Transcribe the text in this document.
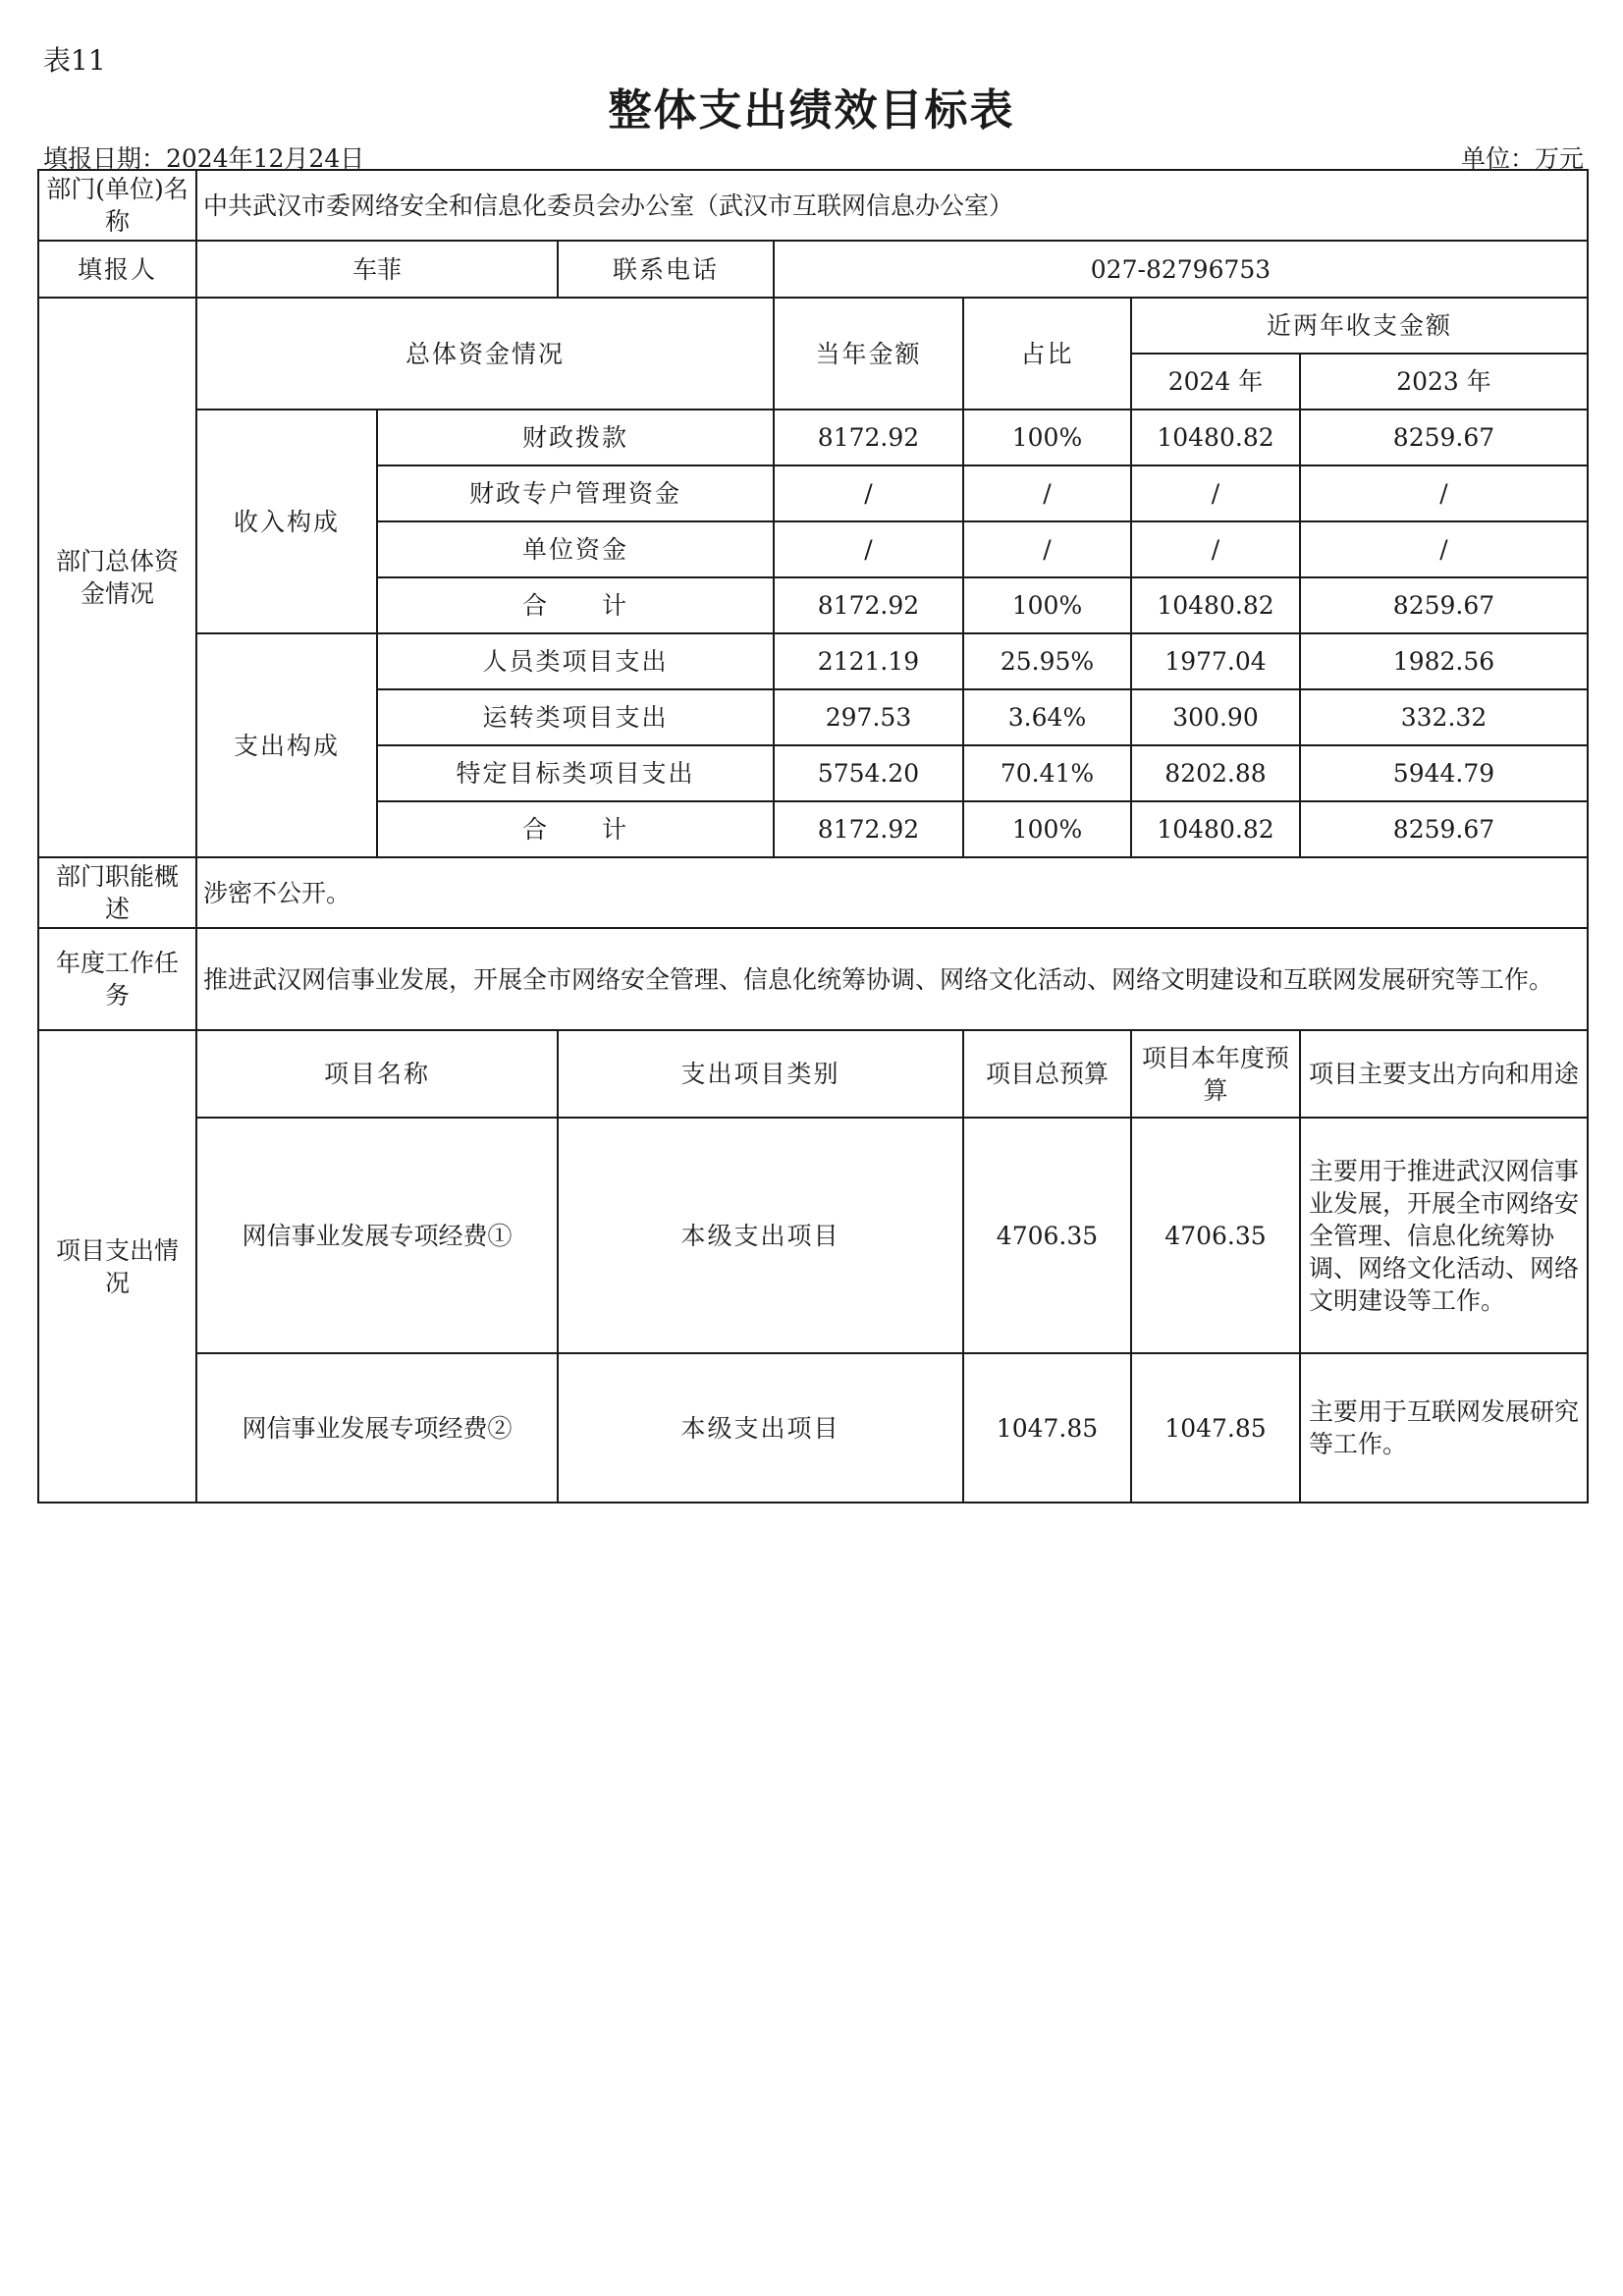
表11
整体支出绩效目标表
填报日期：2024年12月24日	单位：万元
部门(单位)名称	中共武汉市委网络安全和信息化委员会办公室（武汉市互联网信息办公室）						
填报人	车菲		联系电话	027-82796753			
部门总体资金情况	总体资金情况			当年金额	占比	近两年收支金额	
						2024 年	2023 年
	收入构成	财政拨款		8172.92	100%	10480.82	8259.67
		财政专户管理资金		/	/	/	/
		单位资金		/	/	/	/
		合　　计		8172.92	100%	10480.82	8259.67
	支出构成	人员类项目支出		2121.19	25.95%	1977.04	1982.56
		运转类项目支出		297.53	3.64%	300.90	332.32
		特定目标类项目支出		5754.20	70.41%	8202.88	5944.79
		合　　计		8172.92	100%	10480.82	8259.67
部门职能概述	涉密不公开。						
年度工作任务	推进武汉网信事业发展，开展全市网络安全管理、信息化统筹协调、网络文化活动、网络文明建设和互联网发展研究等工作。						
项目支出情况	项目名称		支出项目类别		项目总预算	项目本年度预算	项目主要支出方向和用途
	网信事业发展专项经费①		本级支出项目		4706.35	4706.35	主要用于推进武汉网信事业发展，开展全市网络安全管理、信息化统筹协调、网络文化活动、网络文明建设等工作。
	网信事业发展专项经费②		本级支出项目		1047.85	1047.85	主要用于互联网发展研究等工作。
